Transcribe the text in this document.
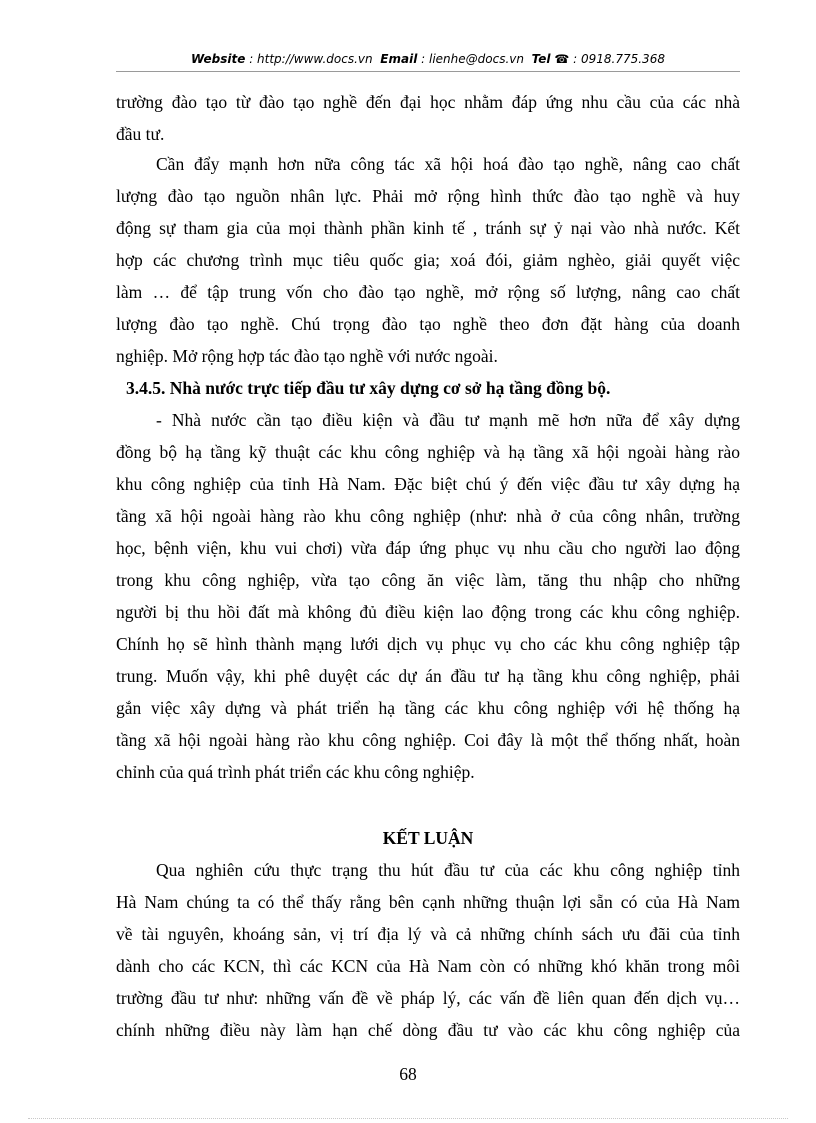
Website : http://www.docs.vn Email : lienhe@docs.vn Tel ☎ : 0918.775.368
trường đào tạo từ đào tạo nghề đến đại học nhằm đáp ứng nhu cầu của các nhà
đầu tư.
Cần đẩy mạnh hơn nữa công tác xã hội hoá đào tạo nghề, nâng cao chất
lượng đào tạo nguồn nhân lực. Phải mở rộng hình thức đào tạo nghề và huy
động sự tham gia của mọi thành phần kinh tế , tránh sự ỷ nại vào nhà nước. Kết
hợp các chương trình mục tiêu quốc gia; xoá đói, giảm nghèo, giải quyết việc
làm … để tập trung vốn cho đào tạo nghề, mở rộng số lượng, nâng cao chất
lượng đào tạo nghề. Chú trọng đào tạo nghề theo đơn đặt hàng của doanh
nghiệp. Mở rộng hợp tác đào tạo nghề với nước ngoài.
3.4.5. Nhà nước trực tiếp đầu tư xây dựng cơ sở hạ tầng đồng bộ.
- Nhà nước cần tạo điều kiện và đầu tư mạnh mẽ hơn nữa để xây dựng
đồng bộ hạ tầng kỹ thuật các khu công nghiệp và hạ tầng xã hội ngoài hàng rào
khu công nghiệp của tỉnh Hà Nam. Đặc biệt chú ý đến việc đầu tư xây dựng hạ
tầng xã hội ngoài hàng rào khu công nghiệp (như: nhà ở của công nhân, trường
học, bệnh viện, khu vui chơi) vừa đáp ứng phục vụ nhu cầu cho người lao động
trong khu công nghiệp, vừa tạo công ăn việc làm, tăng thu nhập cho những
người bị thu hồi đất mà không đủ điều kiện lao động trong các khu công nghiệp.
Chính họ sẽ hình thành mạng lưới dịch vụ phục vụ cho các khu công nghiệp tập
trung. Muốn vậy, khi phê duyệt các dự án đầu tư hạ tầng khu công nghiệp, phải
gắn việc xây dựng và phát triển hạ tầng các khu công nghiệp với hệ thống hạ
tầng xã hội ngoài hàng rào khu công nghiệp. Coi đây là một thể thống nhất, hoàn
chỉnh của quá trình phát triển các khu công nghiệp.
KẾT LUẬN
Qua nghiên cứu thực trạng thu hút đầu tư của các khu công nghiệp tỉnh
Hà Nam chúng ta có thể thấy rằng bên cạnh những thuận lợi sẵn có của Hà Nam
về tài nguyên, khoáng sản, vị trí địa lý và cả những chính sách ưu đãi của tỉnh
dành cho các KCN, thì các KCN của Hà Nam còn có những khó khăn trong môi
trường đầu tư như: những vấn đề về pháp lý, các vấn đề liên quan đến dịch vụ…
chính những điều này làm hạn chế dòng đầu tư vào các khu công nghiệp của
68
